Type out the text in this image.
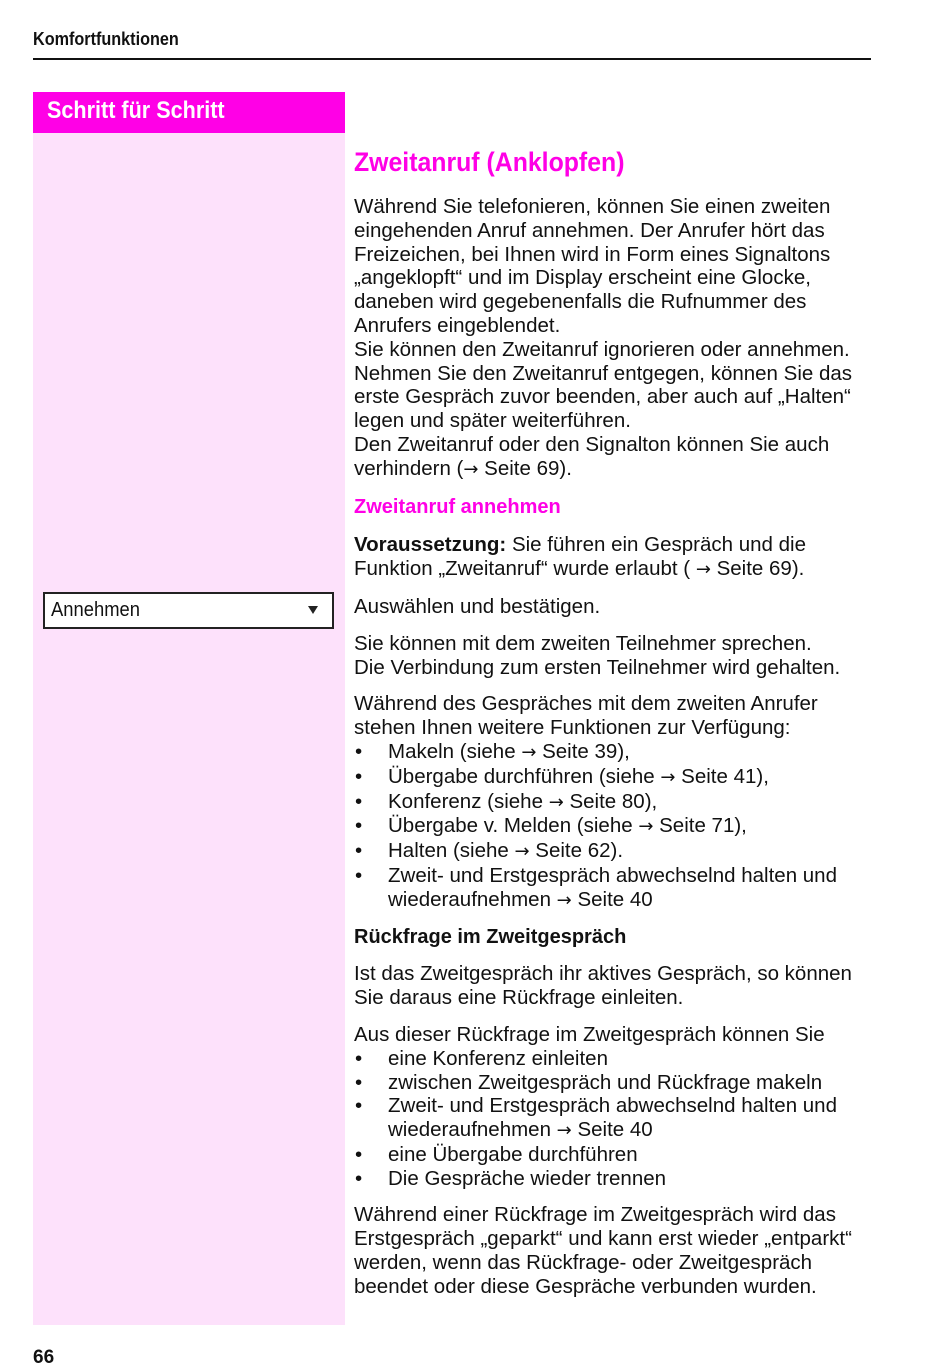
Komfortfunktionen
Schritt für Schritt
Annehmen
Zweitanruf (Anklopfen)

Während Sie telefonieren, können Sie einen zweiten eingehenden Anruf annehmen. Der Anrufer hört das Freizeichen, bei Ihnen wird in Form eines Signaltons „angeklopft“ und im Display erscheint eine Glocke, daneben wird gegebenenfalls die Rufnummer des Anrufers eingeblendet.

Sie können den Zweitanruf ignorieren oder annehmen. Nehmen Sie den Zweitanruf entgegen, können Sie das erste Gespräch zuvor beenden, aber auch auf „Halten“ legen und später weiterführen.

Den Zweitanruf oder den Signalton können Sie auch verhindern (→ Seite 69).

Zweitanruf annehmen

Voraussetzung: Sie führen ein Gespräch und die Funktion „Zweitanruf“ wurde erlaubt ( → Seite 69).

Auswählen und bestätigen.

Sie können mit dem zweiten Teilnehmer sprechen.

Die Verbindung zum ersten Teilnehmer wird gehalten.

Während des Gespräches mit dem zweiten Anrufer stehen Ihnen weitere Funktionen zur Verfügung:

• Makeln (siehe → Seite 39),
• Übergabe durchführen (siehe → Seite 41),
• Konferenz (siehe → Seite 80),
• Übergabe v. Melden (siehe → Seite 71),
• Halten (siehe → Seite 62).
• Zweit- und Erstgespräch abwechselnd halten und wiederaufnehmen → Seite 40

Rückfrage im Zweitgespräch

Ist das Zweitgespräch ihr aktives Gespräch, so können Sie daraus eine Rückfrage einleiten.

Aus dieser Rückfrage im Zweitgespräch können Sie

• eine Konferenz einleiten
• zwischen Zweitgespräch und Rückfrage makeln
• Zweit- und Erstgespräch abwechselnd halten und wiederaufnehmen → Seite 40
• eine Übergabe durchführen
• Die Gespräche wieder trennen

Während einer Rückfrage im Zweitgespräch wird das Erstgespräch „geparkt“ und kann erst wieder „entparkt“ werden, wenn das Rückfrage- oder Zweitgespräch beendet oder diese Gespräche verbunden wurden.

66
